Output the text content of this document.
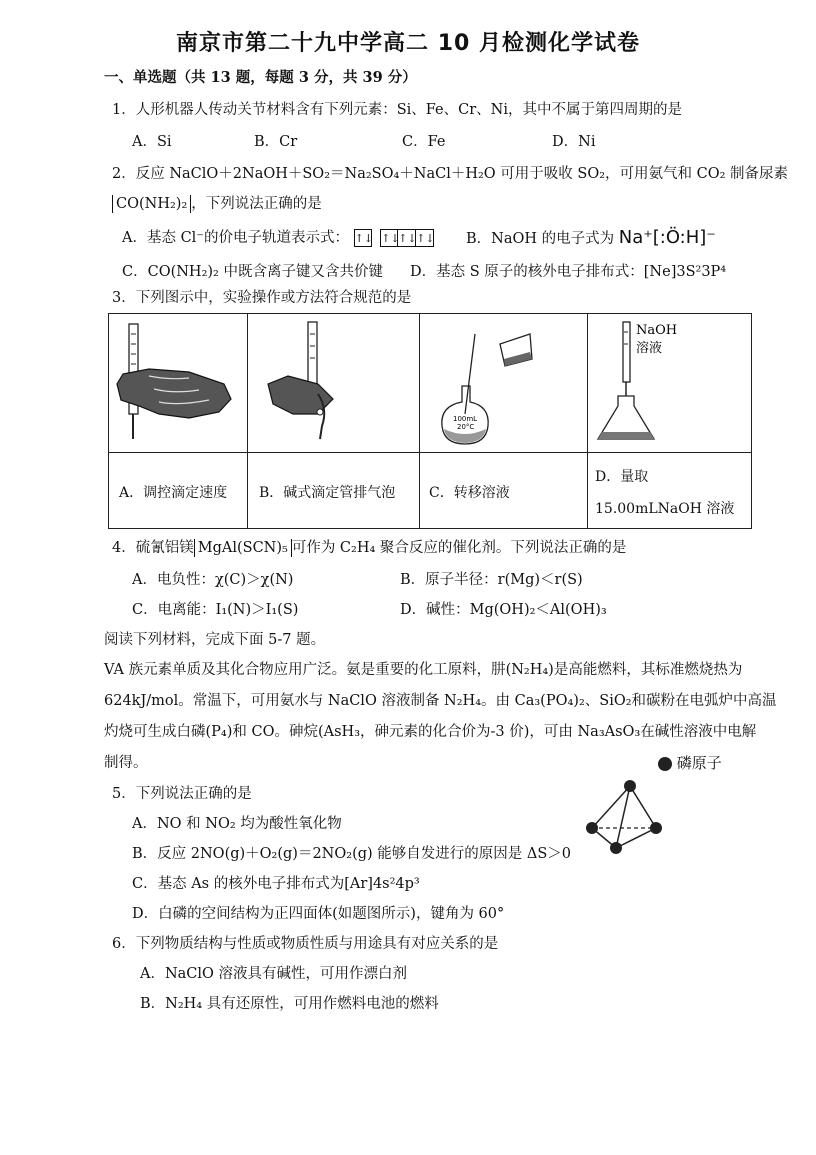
南京市第二十九中学高二 10 月检测化学试卷
一、单选题（共 13 题，每题 3 分，共 39 分）
1．人形机器人传动关节材料含有下列元素：Si、Fe、Cr、Ni，其中不属于第四周期的是
A．Si	B．Cr	C．Fe	D．Ni
2．反应 NaClO＋2NaOH＋SO₂＝Na₂SO₄＋NaCl＋H₂O 可用于吸收 SO₂，可用氨气和 CO₂ 制备尿素
CO(NH₂)₂ ，下列说法正确的是
A．基态 Cl⁻的价电子轨道表示式： ↑↓ ↑↓↑↓↑↓ B．NaOH 的电子式为 Na⁺[:Ö:H]⁻
C．CO(NH₂)₂ 中既含离子键又含共价键 D．基态 S 原子的核外电子排布式：[Ne]3S²3P⁴
3．下列图示中，实验操作或方法符合规范的是
100mL
20°C
NaOH
溶液
A．调控滴定速度 B．碱式滴定管排气泡 C．转移溶液
D．量取
15.00mLNaOH 溶液
4．硫氰铝镁 MgAl(SCN)₅ 可作为 C₂H₄ 聚合反应的催化剂。下列说法正确的是
A．电负性：χ(C)＞χ(N)	B．原子半径：r(Mg)＜r(S)
C．电离能：I₁(N)＞I₁(S)	D．碱性：Mg(OH)₂＜Al(OH)₃
阅读下列材料，完成下面 5-7 题。
VA 族元素单质及其化合物应用广泛。氨是重要的化工原料，肼(N₂H₄)是高能燃料，其标准燃烧热为
624kJ/mol。常温下，可用氨水与 NaClO 溶液制备 N₂H₄。由 Ca₃(PO₄)₂、SiO₂和碳粉在电弧炉中高温
灼烧可生成白磷(P₄)和 CO。砷烷(AsH₃，砷元素的化合价为-3 价)，可由 Na₃AsO₃在碱性溶液中电解
制得。	磷原子
5．下列说法正确的是
A．NO 和 NO₂ 均为酸性氧化物
B．反应 2NO(g)＋O₂(g)＝2NO₂(g) 能够自发进行的原因是 ΔS＞0
C．基态 As 的核外电子排布式为[Ar]4s²4p³
D．白磷的空间结构为正四面体(如题图所示)，键角为 60°
6．下列物质结构与性质或物质性质与用途具有对应关系的是
A．NaClO 溶液具有碱性，可用作漂白剂
B．N₂H₄ 具有还原性，可用作燃料电池的燃料
